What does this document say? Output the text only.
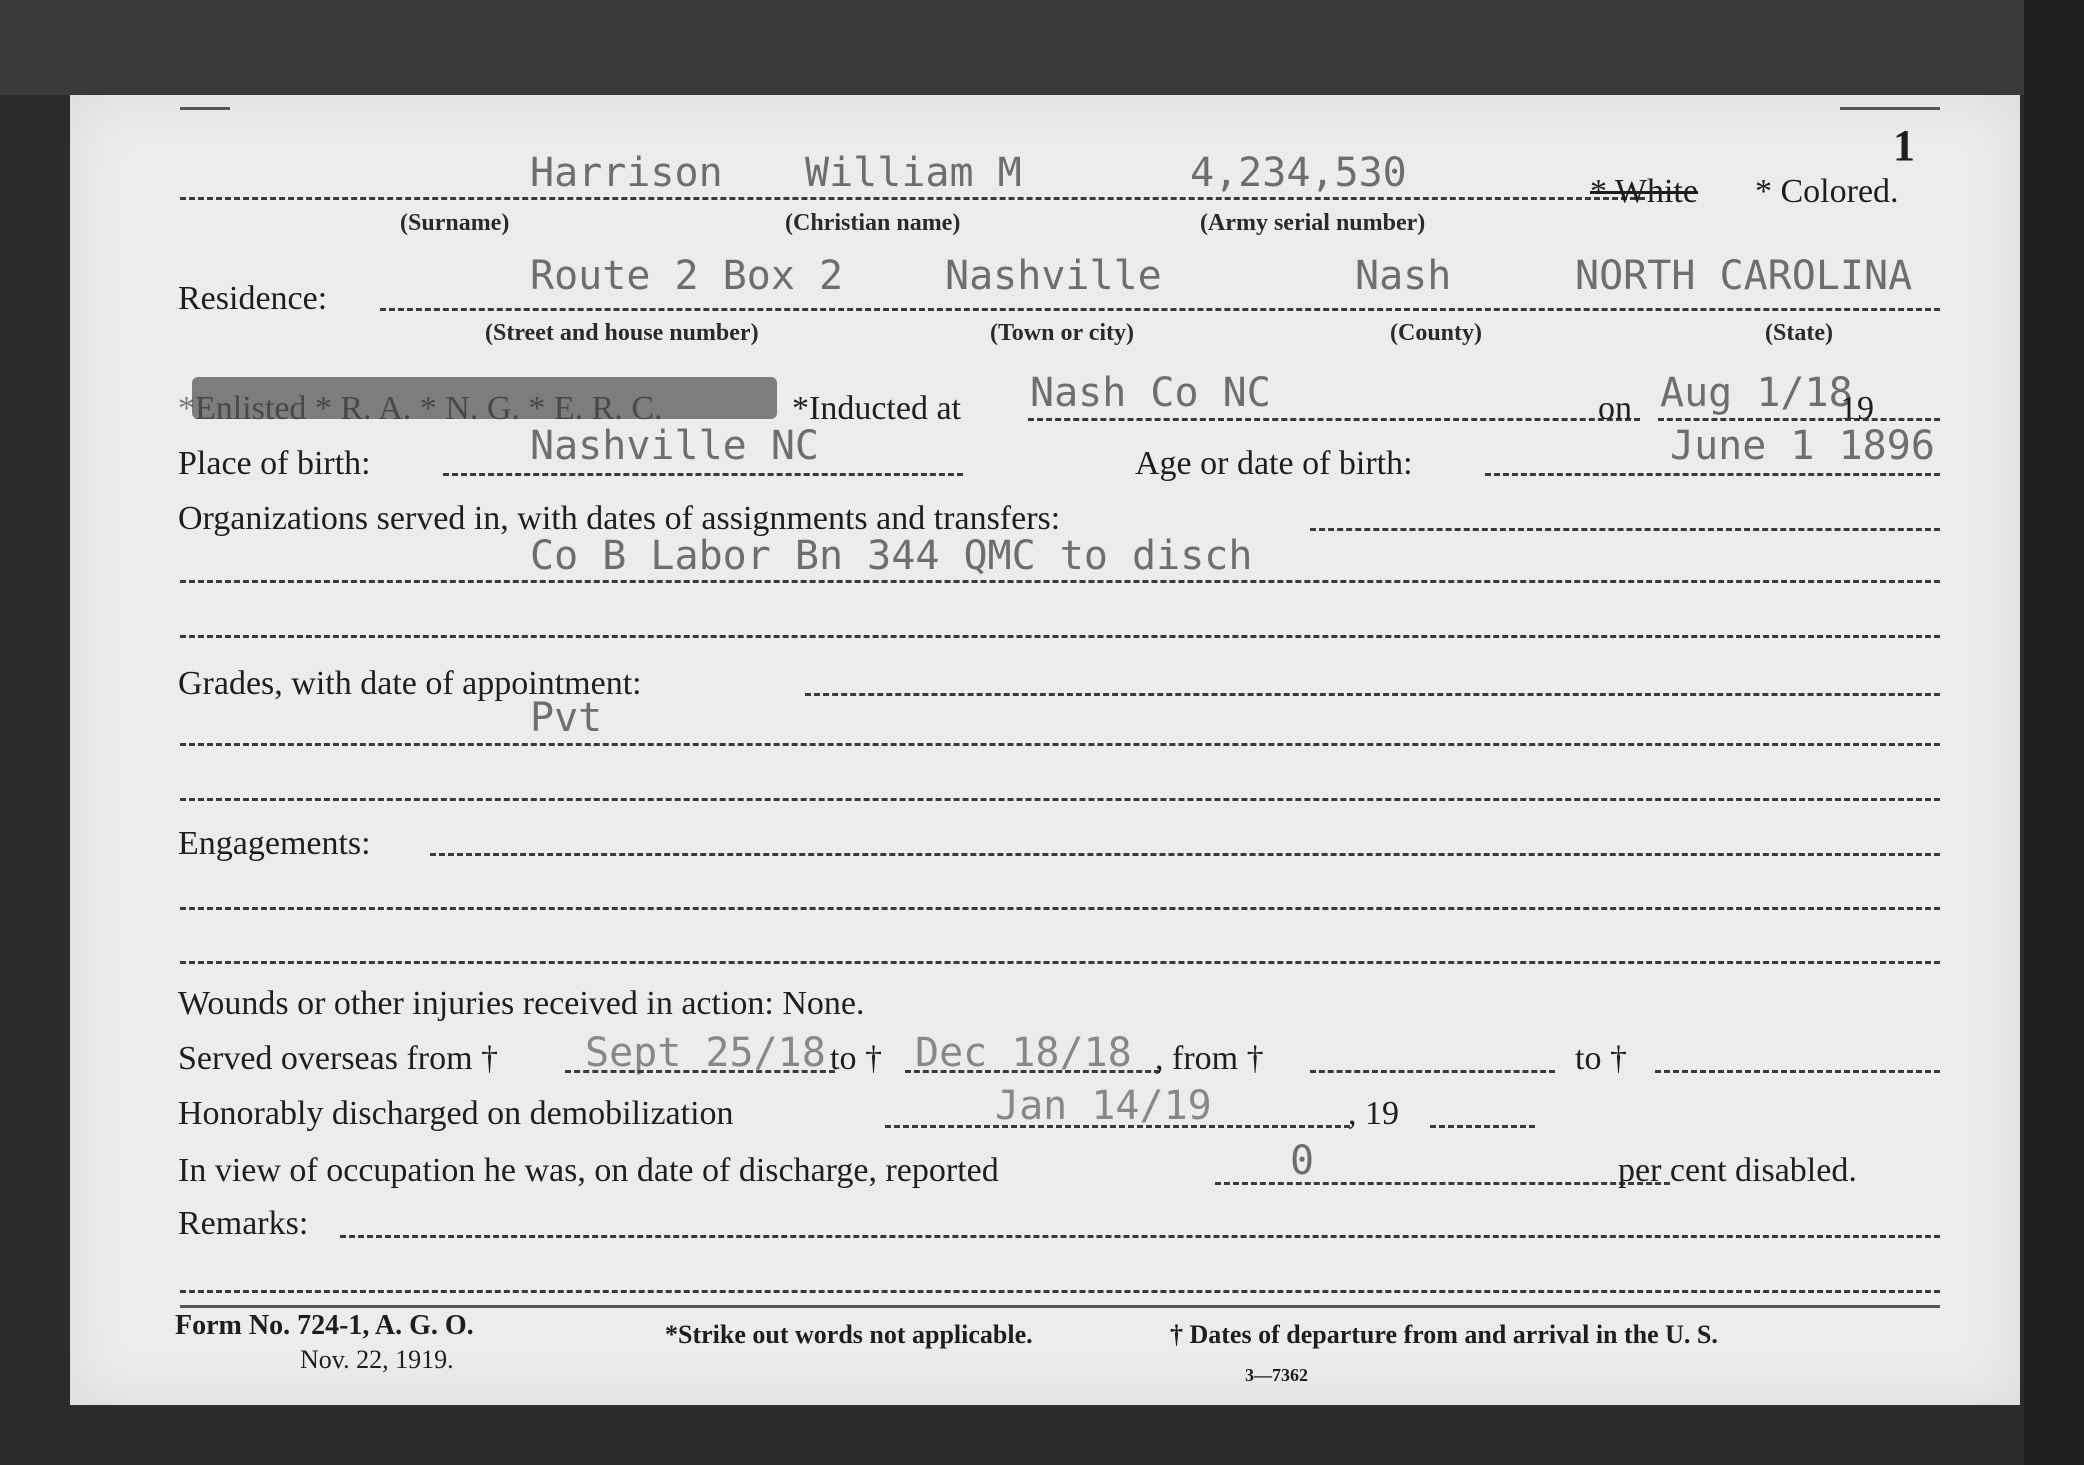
1
Harrison William M	4,234,530	* White * Colored.
(Surname)	(Christian name)	(Army serial number)
Residence:	Route 2 Box 2	Nashville	Nash	NORTH CAROLINA
(Street and house number)	(Town or city)	(County)	(State)
*Enlisted * R. A. * N. G. * E. R. C.	*Inducted at Nash Co NC	on Aug 1/18
19
Place of birth:	Nashville NC	Age or date of birth:	June 1 1896
Organizations served in, with dates of assignments and transfers:
Co B Labor Bn 344 QMC to disch
Grades, with date of appointment:
Pvt
Engagements:
Wounds or other injuries received in action: None.
Served overseas from † Sept 25/18 to † Dec 18/18 , from †	to †
Honorably discharged on demobilization	Jan 14/19	, 19
In view of occupation he was, on date of discharge, reported	0	per cent disabled.
Remarks:
Form No. 724-1, A. G. O.
Nov. 22, 1919.
*Strike out words not applicable.	† Dates of departure from and arrival in the U. S.
3—7362
